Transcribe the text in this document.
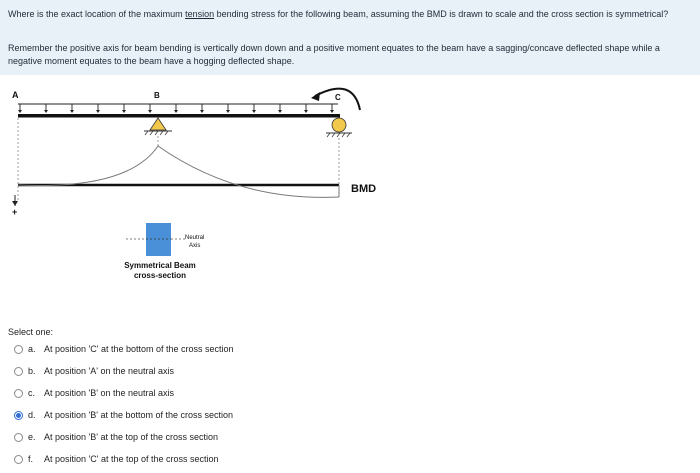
Where is the exact location of the maximum tension bending stress for the following beam, assuming the BMD is drawn to scale and the cross section is symmetrical?
Remember the positive axis for beam bending is vertically down down and a positive moment equates to the beam have a sagging/concave deflected shape while a negative moment equates to the beam have a hogging deflected shape.
A	B	C
BMD
+
Neutral
Axis
Symmetrical Beam
cross-section
Select one:
a. At position 'C' at the bottom of the cross section
b. At position 'A' on the neutral axis
c. At position 'B' on the neutral axis
d. At position 'B' at the bottom of the cross section
e. At position 'B' at the top of the cross section
f. At position 'C' at the top of the cross section
